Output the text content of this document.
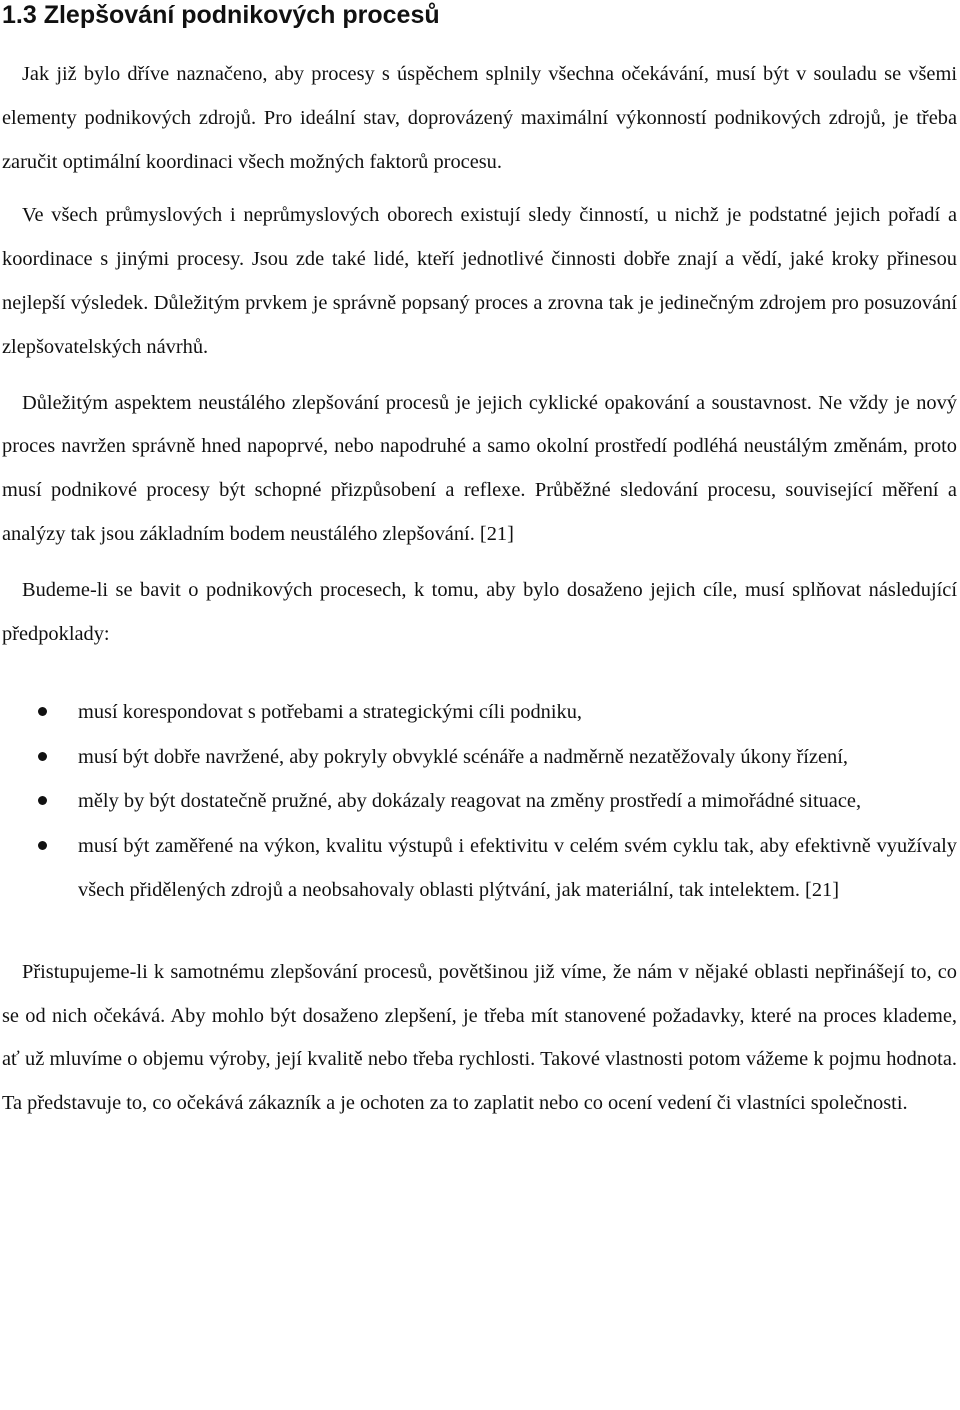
1.3 Zlepšování podnikových procesů

Jak již bylo dříve naznačeno, aby procesy s úspěchem splnily všechna očekávání, musí být v souladu se všemi elementy podnikových zdrojů. Pro ideální stav, doprovázený maximální výkonností podnikových zdrojů, je třeba zaručit optimální koordinaci všech možných faktorů procesu.

Ve všech průmyslových i neprůmyslových oborech existují sledy činností, u nichž je podstatné jejich pořadí a koordinace s jinými procesy. Jsou zde také lidé, kteří jednotlivé činnosti dobře znají a vědí, jaké kroky přinesou nejlepší výsledek. Důležitým prvkem je správně popsaný proces a zrovna tak je jedinečným zdrojem pro posuzování zlepšovatelských návrhů.

Důležitým aspektem neustálého zlepšování procesů je jejich cyklické opakování a soustavnost. Ne vždy je nový proces navržen správně hned napoprvé, nebo napodruhé a samo okolní prostředí podléhá neustálým změnám, proto musí podnikové procesy být schopné přizpůsobení a reflexe. Průběžné sledování procesu, související měření a analýzy tak jsou základním bodem neustálého zlepšování. [21]

Budeme-li se bavit o podnikových procesech, k tomu, aby bylo dosaženo jejich cíle, musí splňovat následující předpoklady:

musí korespondovat s potřebami a strategickými cíli podniku,
musí být dobře navržené, aby pokryly obvyklé scénáře a nadměrně nezatěžovaly úkony řízení,
měly by být dostatečně pružné, aby dokázaly reagovat na změny prostředí a mimořádné situace,
musí být zaměřené na výkon, kvalitu výstupů i efektivitu v celém svém cyklu tak, aby efektivně využívaly všech přidělených zdrojů a neobsahovaly oblasti plýtvání, jak materiální, tak intelektem. [21]

Přistupujeme-li k samotnému zlepšování procesů, povětšinou již víme, že nám v nějaké oblasti nepřinášejí to, co se od nich očekává. Aby mohlo být dosaženo zlepšení, je třeba mít stanovené požadavky, které na proces klademe, ať už mluvíme o objemu výroby, její kvalitě nebo třeba rychlosti. Takové vlastnosti potom vážeme k pojmu hodnota. Ta představuje to, co očekává zákazník a je ochoten za to zaplatit nebo co ocení vedení či vlastníci společnosti.
